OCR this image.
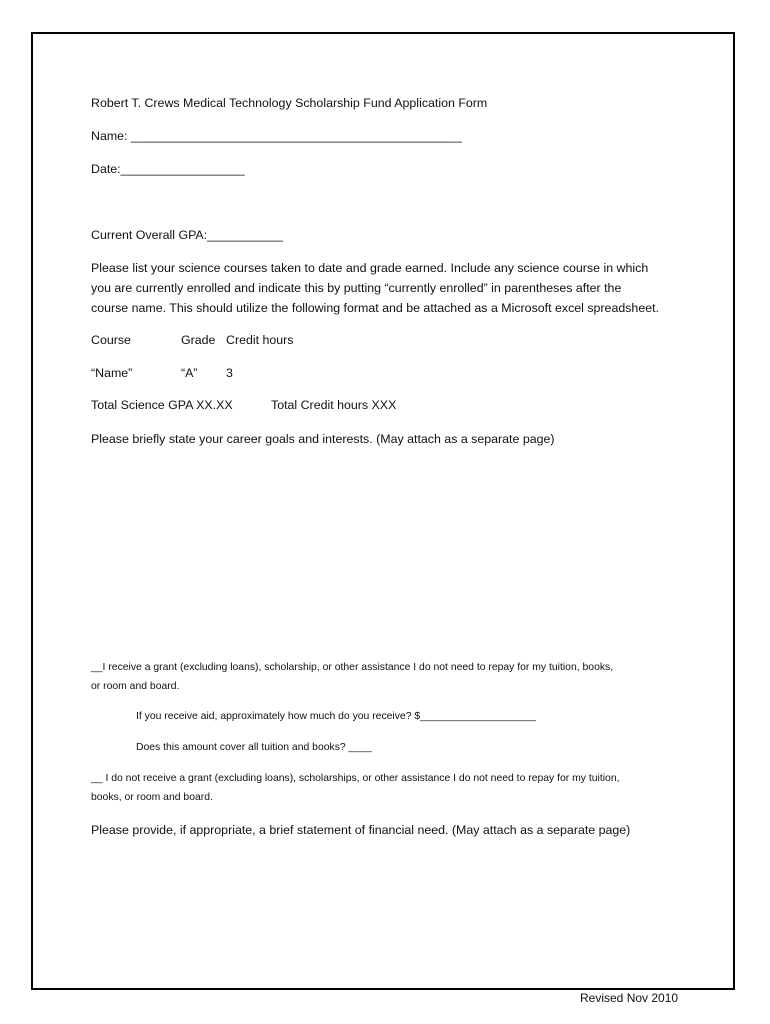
Robert T. Crews Medical Technology Scholarship Fund Application Form
Name: ________________________________________________
Date:__________________
Current Overall GPA:___________
Please list your science courses taken to date and grade earned. Include any science course in which
you are currently enrolled and indicate this by putting “currently enrolled” in parentheses after the
course name. This should utilize the following format and be attached as a Microsoft excel spreadsheet.
Course	Grade Credit hours
“Name”	“A” 3
Total Science GPA XX.XX	Total Credit hours XXX
Please briefly state your career goals and interests. (May attach as a separate page)
__I receive a grant (excluding loans), scholarship, or other assistance I do not need to repay for my tuition, books,
or room and board.
If you receive aid, approximately how much do you receive? $____________________
Does this amount cover all tuition and books? ____
__ I do not receive a grant (excluding loans), scholarships, or other assistance I do not need to repay for my tuition,
books, or room and board.
Please provide, if appropriate, a brief statement of financial need. (May attach as a separate page)
Revised Nov 2010
